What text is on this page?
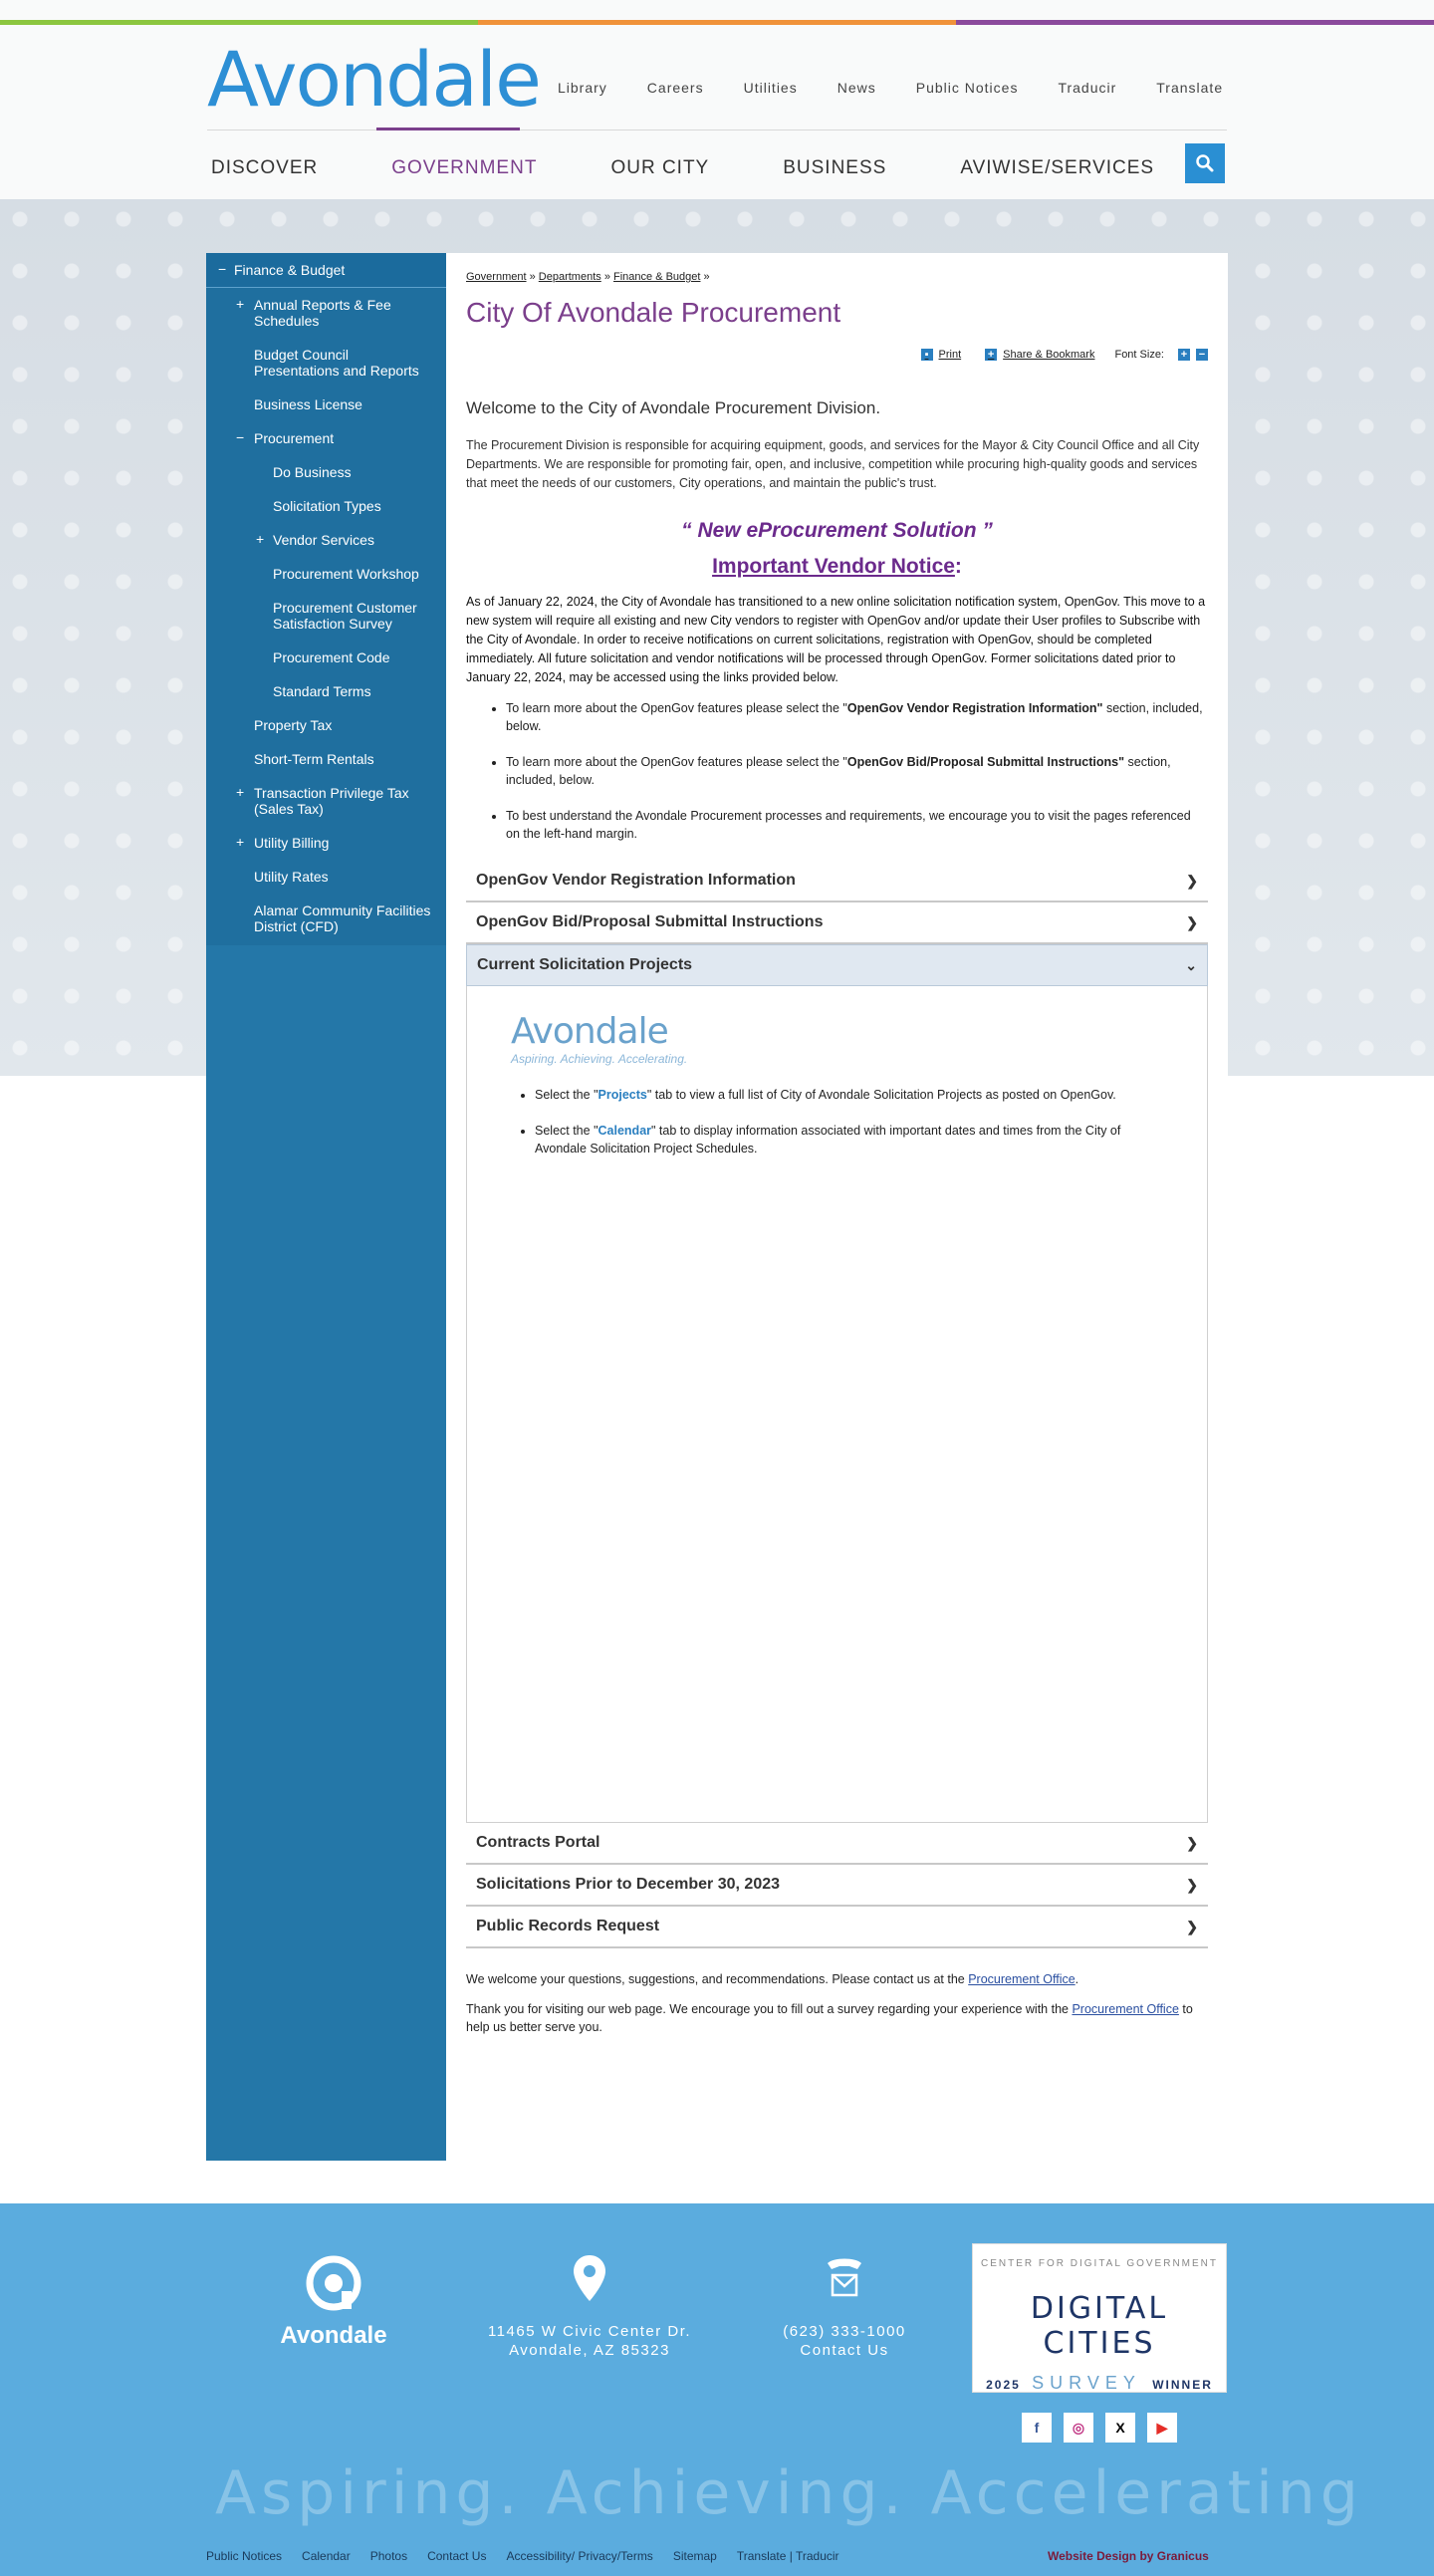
Avondale Library	Careers	Utilities	News	Public Notices	Traducir	Translate
DISCOVER	GOVERNMENT	OUR CITY	BUSINESS	AVIWISE/SERVICES
− Finance & Budget
+ Annual Reports & Fee Schedules
Budget Council Presentations and Reports
Business License
− Procurement
Do Business
Solicitation Types
+ Vendor Services
Procurement Workshop
Procurement Customer Satisfaction Survey
Procurement Code
Standard Terms
Property Tax
Short-Term Rentals
+ Transaction Privilege Tax (Sales Tax)
+ Utility Billing
Utility Rates
Alamar Community Facilities District (CFD)
Government » Departments » Finance & Budget »
City Of Avondale Procurement
▪ Print + Share & Bookmark Font Size: + −

Welcome to the City of Avondale Procurement Division.

The Procurement Division is responsible for acquiring equipment, goods, and services for the Mayor & City Council Office and all City Departments. We are responsible for promoting fair, open, and inclusive, competition while procuring high-quality goods and services that meet the needs of our customers, City operations, and maintain the public's trust.

“ New eProcurement Solution ”

Important Vendor Notice:

As of January 22, 2024, the City of Avondale has transitioned to a new online solicitation notification system, OpenGov. This move to a new system will require all existing and new City vendors to register with OpenGov and/or update their User profiles to Subscribe with the City of Avondale. In order to receive notifications on current solicitations, registration with OpenGov, should be completed immediately. All future solicitation and vendor notifications will be processed through OpenGov. Former solicitations dated prior to January 22, 2024, may be accessed using the links provided below.

• To learn more about the OpenGov features please select the "OpenGov Vendor Registration Information" section, included, below.
• To learn more about the OpenGov features please select the "OpenGov Bid/Proposal Submittal Instructions" section, included, below.
• To best understand the Avondale Procurement processes and requirements, we encourage you to visit the pages referenced on the left-hand margin.
OpenGov Vendor Registration Information	❯
OpenGov Bid/Proposal Submittal Instructions	❯
Current Solicitation Projects	⌄
Avondale
Aspiring. Achieving. Accelerating.
• Select the "Projects" tab to view a full list of City of Avondale Solicitation Projects as posted on OpenGov.
• Select the "Calendar" tab to display information associated with important dates and times from the City of Avondale Solicitation Project Schedules.
Contracts Portal	❯
Solicitations Prior to December 30, 2023	❯
Public Records Request	❯

We welcome your questions, suggestions, and recommendations. Please contact us at the Procurement Office.

Thank you for visiting our web page. We encourage you to fill out a survey regarding your experience with the Procurement Office to help us better serve you.

Avondale	11465 W Civic Center Dr.
Avondale, AZ 85323
(623) 333-1000
Contact Us
CENTER FOR DIGITAL GOVERNMENT
DIGITAL CITIES
2025 SURVEY WINNER
f	◎	X	▶
Aspiring. Achieving. Accelerating
Public Notices Calendar Photos Contact Us Accessibility/ Privacy/Terms Sitemap Translate | Traducir	Website Design by Granicus
